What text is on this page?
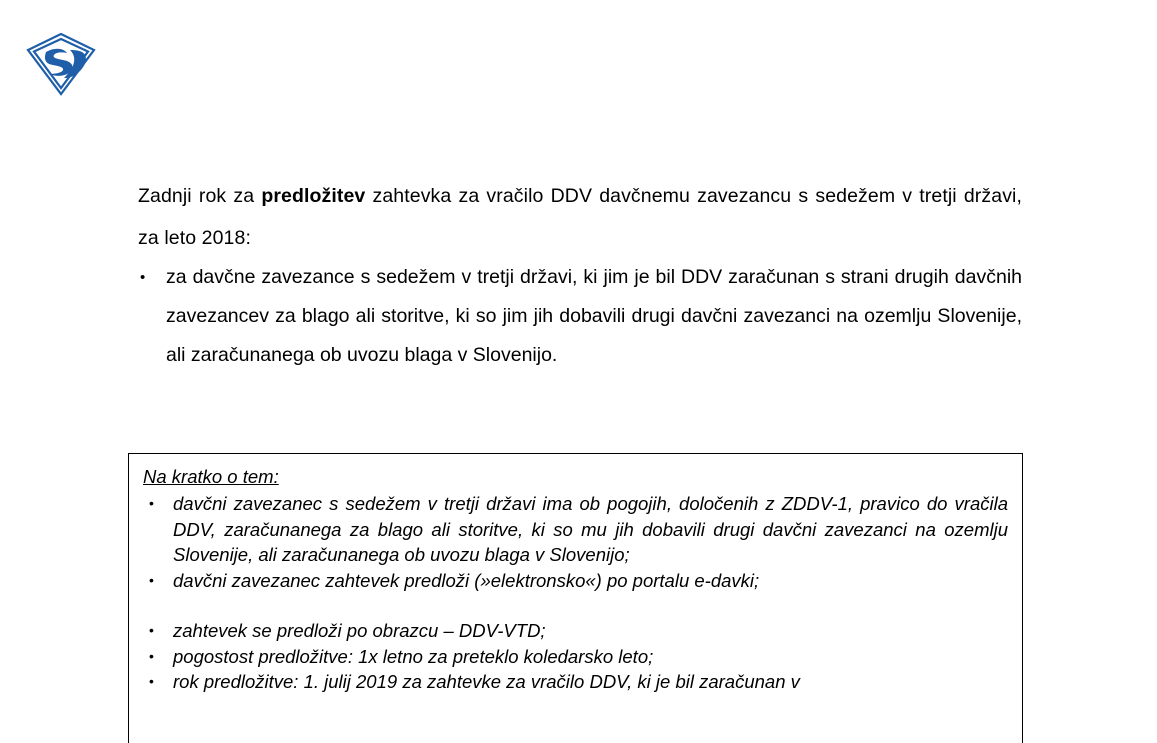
Zadnji rok za predložitev zahtevka za vračilo DDV davčnemu zavezancu s sedežem v tretji državi, za leto 2018:
• za davčne zavezance s sedežem v tretji državi, ki jim je bil DDV zaračunan s strani drugih davčnih zavezancev za blago ali storitve, ki so jim jih dobavili drugi davčni zavezanci na ozemlju Slovenije, ali zaračunanega ob uvozu blaga v Slovenijo.
Na kratko o tem:
• davčni zavezanec s sedežem v tretji državi ima ob pogojih, določenih z ZDDV-1, pravico do vračila DDV, zaračunanega za blago ali storitve, ki so mu jih dobavili drugi davčni zavezanci na ozemlju Slovenije, ali zaračunanega ob uvozu blaga v Slovenijo;
• davčni zavezanec zahtevek predloži (»elektronsko«) po portalu e-davki;
• zahtevek se predloži po obrazcu – DDV-VTD;
• pogostost predložitve: 1x letno za preteklo koledarsko leto;
• rok predložitve: 1. julij 2019 za zahtevke za vračilo DDV, ki je bil zaračunan v
